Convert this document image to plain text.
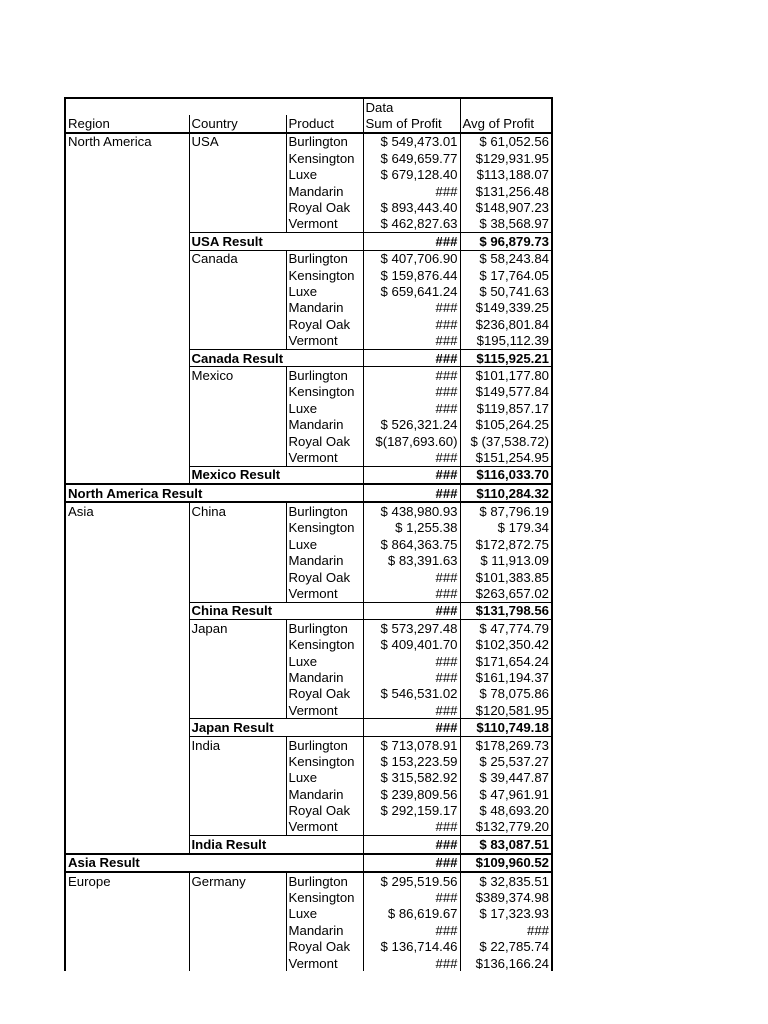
			Data	
Region	Country	Product	Sum of Profit	Avg of Profit
North America	USA	Burlington	$ 549,473.01	$ 61,052.56
		Kensington	$ 649,659.77	$129,931.95
		Luxe	$ 679,128.40	$113,188.07
		Mandarin	###	$131,256.48
		Royal Oak	$ 893,443.40	$148,907.23
		Vermont	$ 462,827.63	$ 38,568.97
	USA Result		###	$ 96,879.73
	Canada	Burlington	$ 407,706.90	$ 58,243.84
		Kensington	$ 159,876.44	$ 17,764.05
		Luxe	$ 659,641.24	$ 50,741.63
		Mandarin	###	$149,339.25
		Royal Oak	###	$236,801.84
		Vermont	###	$195,112.39
	Canada Result		###	$115,925.21
	Mexico	Burlington	###	$101,177.80
		Kensington	###	$149,577.84
		Luxe	###	$119,857.17
		Mandarin	$ 526,321.24	$105,264.25
		Royal Oak	$(187,693.60)	$ (37,538.72)
		Vermont	###	$151,254.95
	Mexico Result		###	$116,033.70
North America Result			###	$110,284.32
Asia	China	Burlington	$ 438,980.93	$ 87,796.19
		Kensington	$ 1,255.38	$ 179.34
		Luxe	$ 864,363.75	$172,872.75
		Mandarin	$ 83,391.63	$ 11,913.09
		Royal Oak	###	$101,383.85
		Vermont	###	$263,657.02
	China Result		###	$131,798.56
	Japan	Burlington	$ 573,297.48	$ 47,774.79
		Kensington	$ 409,401.70	$102,350.42
		Luxe	###	$171,654.24
		Mandarin	###	$161,194.37
		Royal Oak	$ 546,531.02	$ 78,075.86
		Vermont	###	$120,581.95
	Japan Result		###	$110,749.18
	India	Burlington	$ 713,078.91	$178,269.73
		Kensington	$ 153,223.59	$ 25,537.27
		Luxe	$ 315,582.92	$ 39,447.87
		Mandarin	$ 239,809.56	$ 47,961.91
		Royal Oak	$ 292,159.17	$ 48,693.20
		Vermont	###	$132,779.20
	India Result		###	$ 83,087.51
Asia Result			###	$109,960.52
Europe	Germany	Burlington	$ 295,519.56	$ 32,835.51
		Kensington	###	$389,374.98
		Luxe	$ 86,619.67	$ 17,323.93
		Mandarin	###	###
		Royal Oak	$ 136,714.46	$ 22,785.74
		Vermont	###	$136,166.24
